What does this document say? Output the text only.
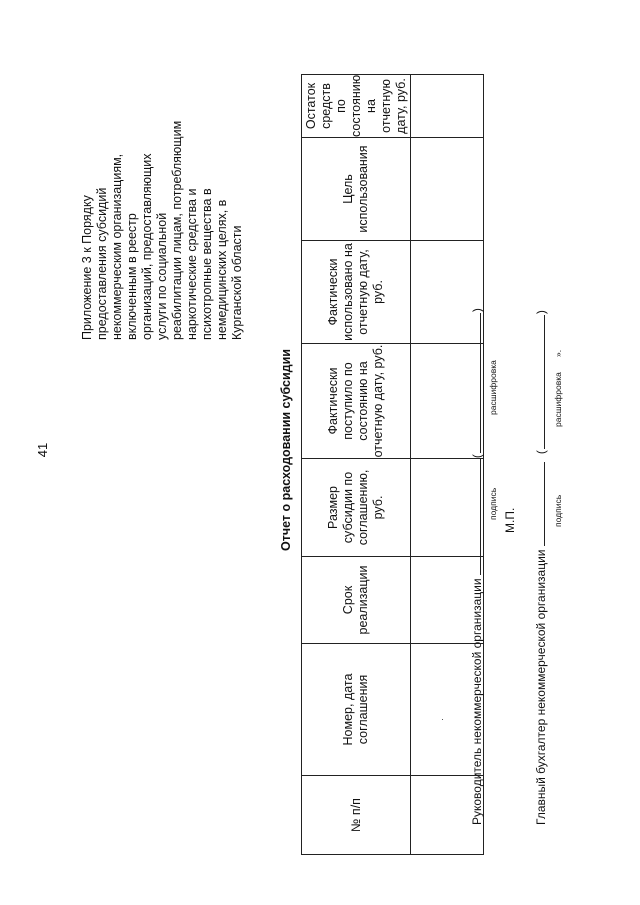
41
Приложение 3 к Порядку предоставления субсидий некоммерческим организациям, включенным в реестр организаций, предоставляющих услуги по социальной реабилитации лицам, потребляющим наркотические средства и психотропные вещества в немедицинских целях, в Курганской области
Отчет о расходовании субсидии
№ п/п	Номер, дата соглашения	Срок реализации	Размер субсидии по соглашению, руб.	Фактически поступило по состоянию на отчетную дату, руб.	Фактически использовано на отчетную дату, руб.	Цель использования	Остаток средств по состоянию на отчетную дату, руб.

Руководитель некоммерческой организации ()
подпись
расшифровка
М.П.
Главный бухгалтер некоммерческой организации ()
подпись
расшифровка
».
